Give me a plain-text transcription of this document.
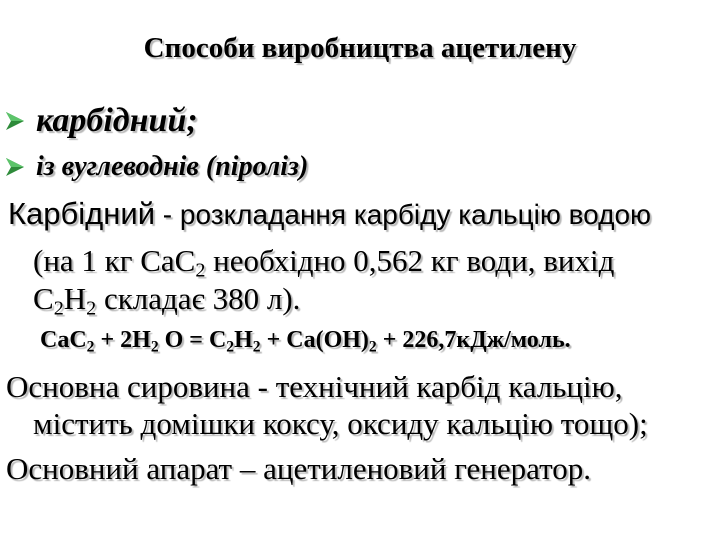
Способи виробництва ацетилену
карбідний;
із вуглеводнів (піроліз)
Карбідний - розкладання карбіду кальцію водою
(на 1 кг СаС$_2$ необхідно 0,562 кг води, вихід
$С_2Н_2$ складає 380 л).
$СаС_2 + 2H_2$ $О = С_2Н_2 + Са(ОН)_2$ + 226,7кДж/моль.
Основна сировина - технічний карбід кальцію,
містить домішки коксу, оксиду кальцію тощо);
Основний апарат – ацетиленовий генератор.
